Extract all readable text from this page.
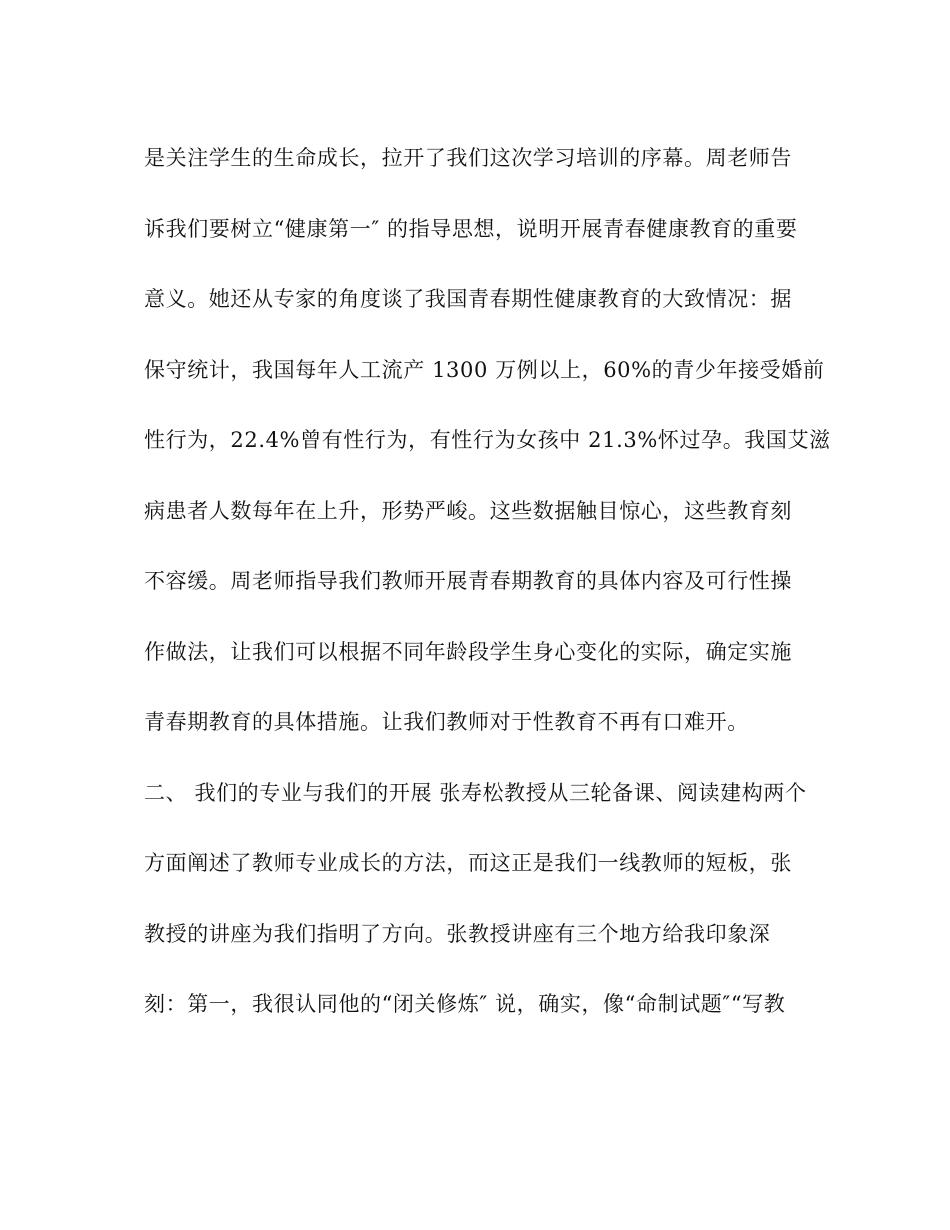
是关注学生的生命成长，拉开了我们这次学习培训的序幕。周老师告
诉我们要树立“健康第一″ 的指导思想，说明开展青春健康教育的重要
意义。她还从专家的角度谈了我国青春期性健康教育的大致情况：据
保守统计，我国每年人工流产 1300 万例以上，60%的青少年接受婚前
性行为，22.4%曾有性行为，有性行为女孩中 21.3%怀过孕。我国艾滋
病患者人数每年在上升，形势严峻。这些数据触目惊心，这些教育刻
不容缓。周老师指导我们教师开展青春期教育的具体内容及可行性操
作做法，让我们可以根据不同年龄段学生身心变化的实际，确定实施
青春期教育的具体措施。让我们教师对于性教育不再有口难开。
二、 我们的专业与我们的开展 张寿松教授从三轮备课、阅读建构两个
方面阐述了教师专业成长的方法，而这正是我们一线教师的短板，张
教授的讲座为我们指明了方向。张教授讲座有三个地方给我印象深
刻：第一，我很认同他的“闭关修炼″ 说，确实，像“命制试题″“写教
